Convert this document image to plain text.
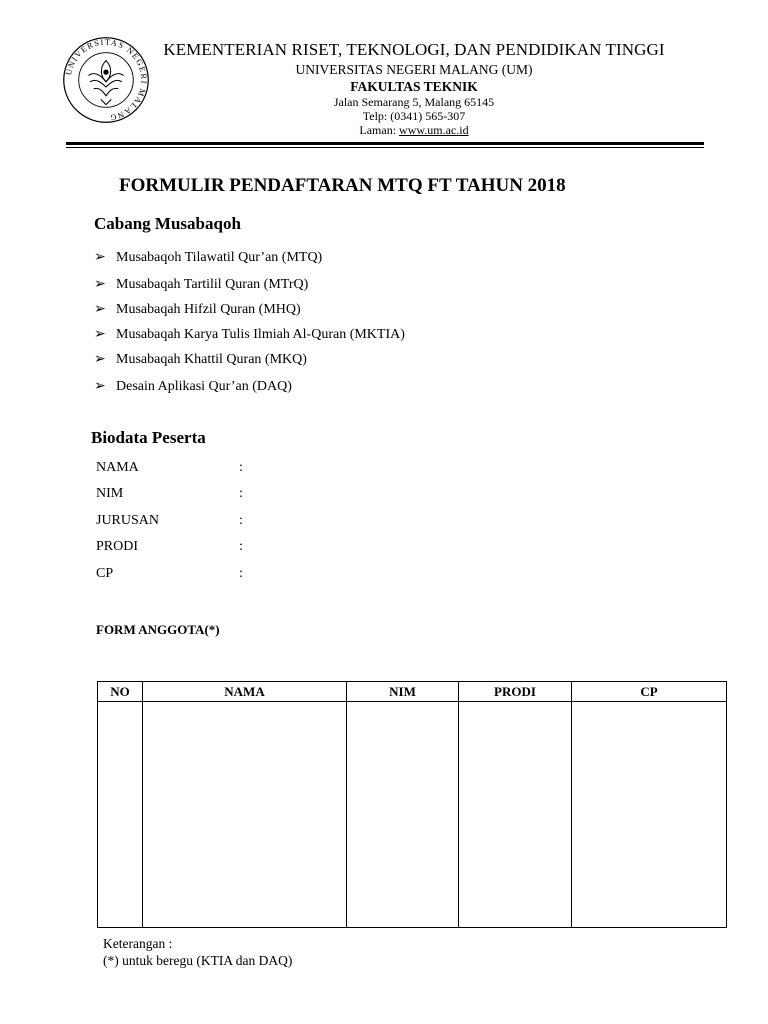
UNIVERSITAS NEGERI MALANG
KEMENTERIAN RISET, TEKNOLOGI, DAN PENDIDIKAN TINGGI
UNIVERSITAS NEGERI MALANG (UM)
FAKULTAS TEKNIK
Jalan Semarang 5, Malang 65145
Telp: (0341) 565-307
Laman: www.um.ac.id
FORMULIR PENDAFTARAN MTQ FT TAHUN 2018
Cabang Musabaqoh
➢ Musabaqoh Tilawatil Qur’an (MTQ)
➢ Musabaqah Tartilil Quran (MTrQ)
➢ Musabaqah Hifzil Quran (MHQ)
➢ Musabaqah Karya Tulis Ilmiah Al-Quran (MKTIA)
➢ Musabaqah Khattil Quran (MKQ)
➢ Desain Aplikasi Qur’an (DAQ)
Biodata Peserta
NAMA	:
NIM	:
JURUSAN	:
PRODI	:
CP	:
FORM ANGGOTA(*)
NO	NAMA	NIM	PRODI	CP

Keterangan :
(*) untuk beregu (KTIA dan DAQ)
